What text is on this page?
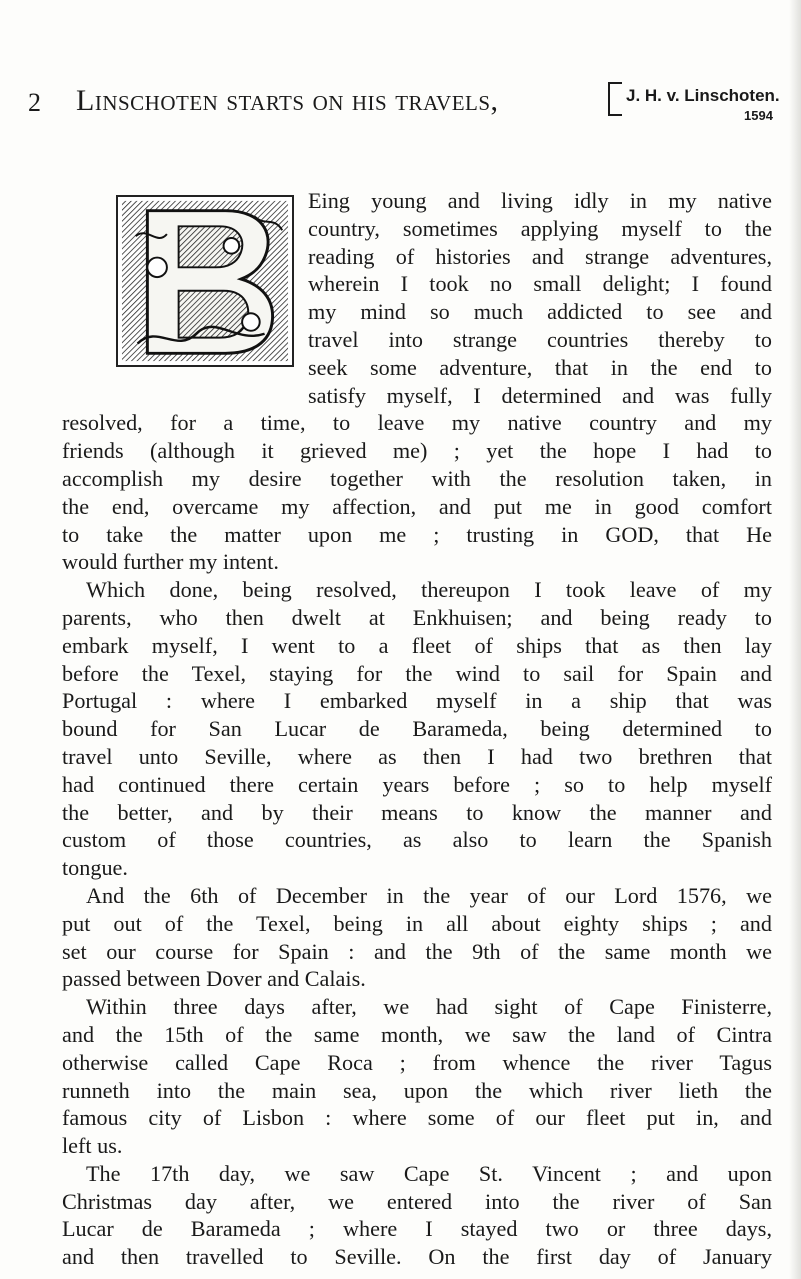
2 Linschoten starts on his travels,	J. H. v. Linschoten.
1594
Eing young and living idly in my native
country, sometimes applying myself to the
reading of histories and strange adventures,
wherein I took no small delight; I found
my mind so much addicted to see and
travel into strange countries thereby to
seek some adventure, that in the end to
satisfy myself, I determined and was fully
resolved, for a time, to leave my native country and my
friends (although it grieved me) ; yet the hope I had to
accomplish my desire together with the resolution taken, in
the end, overcame my affection, and put me in good comfort
to take the matter upon me ; trusting in GOD, that He
would further my intent.
Which done, being resolved, thereupon I took leave of my
parents, who then dwelt at Enkhuisen; and being ready to
embark myself, I went to a fleet of ships that as then lay
before the Texel, staying for the wind to sail for Spain and
Portugal : where I embarked myself in a ship that was
bound for San Lucar de Barameda, being determined to
travel unto Seville, where as then I had two brethren that
had continued there certain years before ; so to help myself
the better, and by their means to know the manner and
custom of those countries, as also to learn the Spanish
tongue.
And the 6th of December in the year of our Lord 1576, we
put out of the Texel, being in all about eighty ships ; and
set our course for Spain : and the 9th of the same month we
passed between Dover and Calais.
Within three days after, we had sight of Cape Finisterre,
and the 15th of the same month, we saw the land of Cintra
otherwise called Cape Roca ; from whence the river Tagus
runneth into the main sea, upon the which river lieth the
famous city of Lisbon : where some of our fleet put in, and
left us.
The 17th day, we saw Cape St. Vincent ; and upon
Christmas day after, we entered into the river of San
Lucar de Barameda ; where I stayed two or three days,
and then travelled to Seville. On the first day of January
